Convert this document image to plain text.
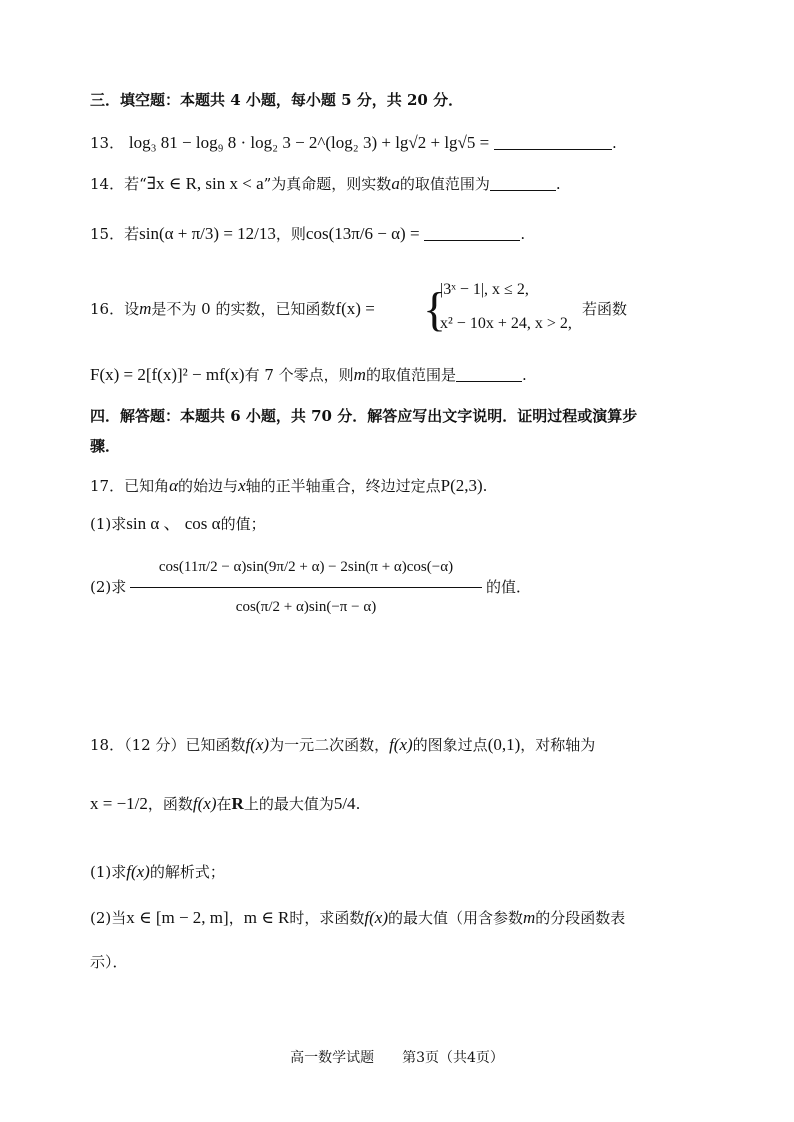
三．填空题：本题共 4 小题，每小题 5 分，共 20 分．
13． log₃ 81 − log₉ 8 · log₂ 3 − 2^(log₂ 3) + lg√2 + lg√5 =	.
14．若“∃x ∈ R, sin x < a”为真命题，则实数a的取值范围为	.
15．若sin(α + π/3) = 12/13，则cos(13π/6 − α) =	.
16．设m是不为 0 的实数，已知函数f(x) = {
|3ˣ − 1|, x ≤ 2,
x² − 10x + 24, x > 2,
若函数
F(x) = 2[f(x)]² − mf(x)有 7 个零点，则m的取值范围是	.
四．解答题：本题共 6 小题，共 70 分．解答应写出文字说明．证明过程或演算步
骤．
17．已知角α的始边与x轴的正半轴重合，终边过定点P(2,3).
(1)求sin α 、 cos α的值；
(2)求
cos(11π/2 − α)sin(9π/2 + α) − 2sin(π + α)cos(−α)
cos(π/2 + α)sin(−π − α)
的值．
18．（12 分）已知函数f(x)为一元二次函数，f(x)的图象过点(0,1)，对称轴为
x = −1/2，函数f(x)在R上的最大值为5/4.
(1)求f(x)的解析式；
(2)当x ∈ [m − 2, m]，m ∈ R时，求函数f(x)的最大值（用含参数m的分段函数表
示）．
高一数学试题 第3页（共4页）
